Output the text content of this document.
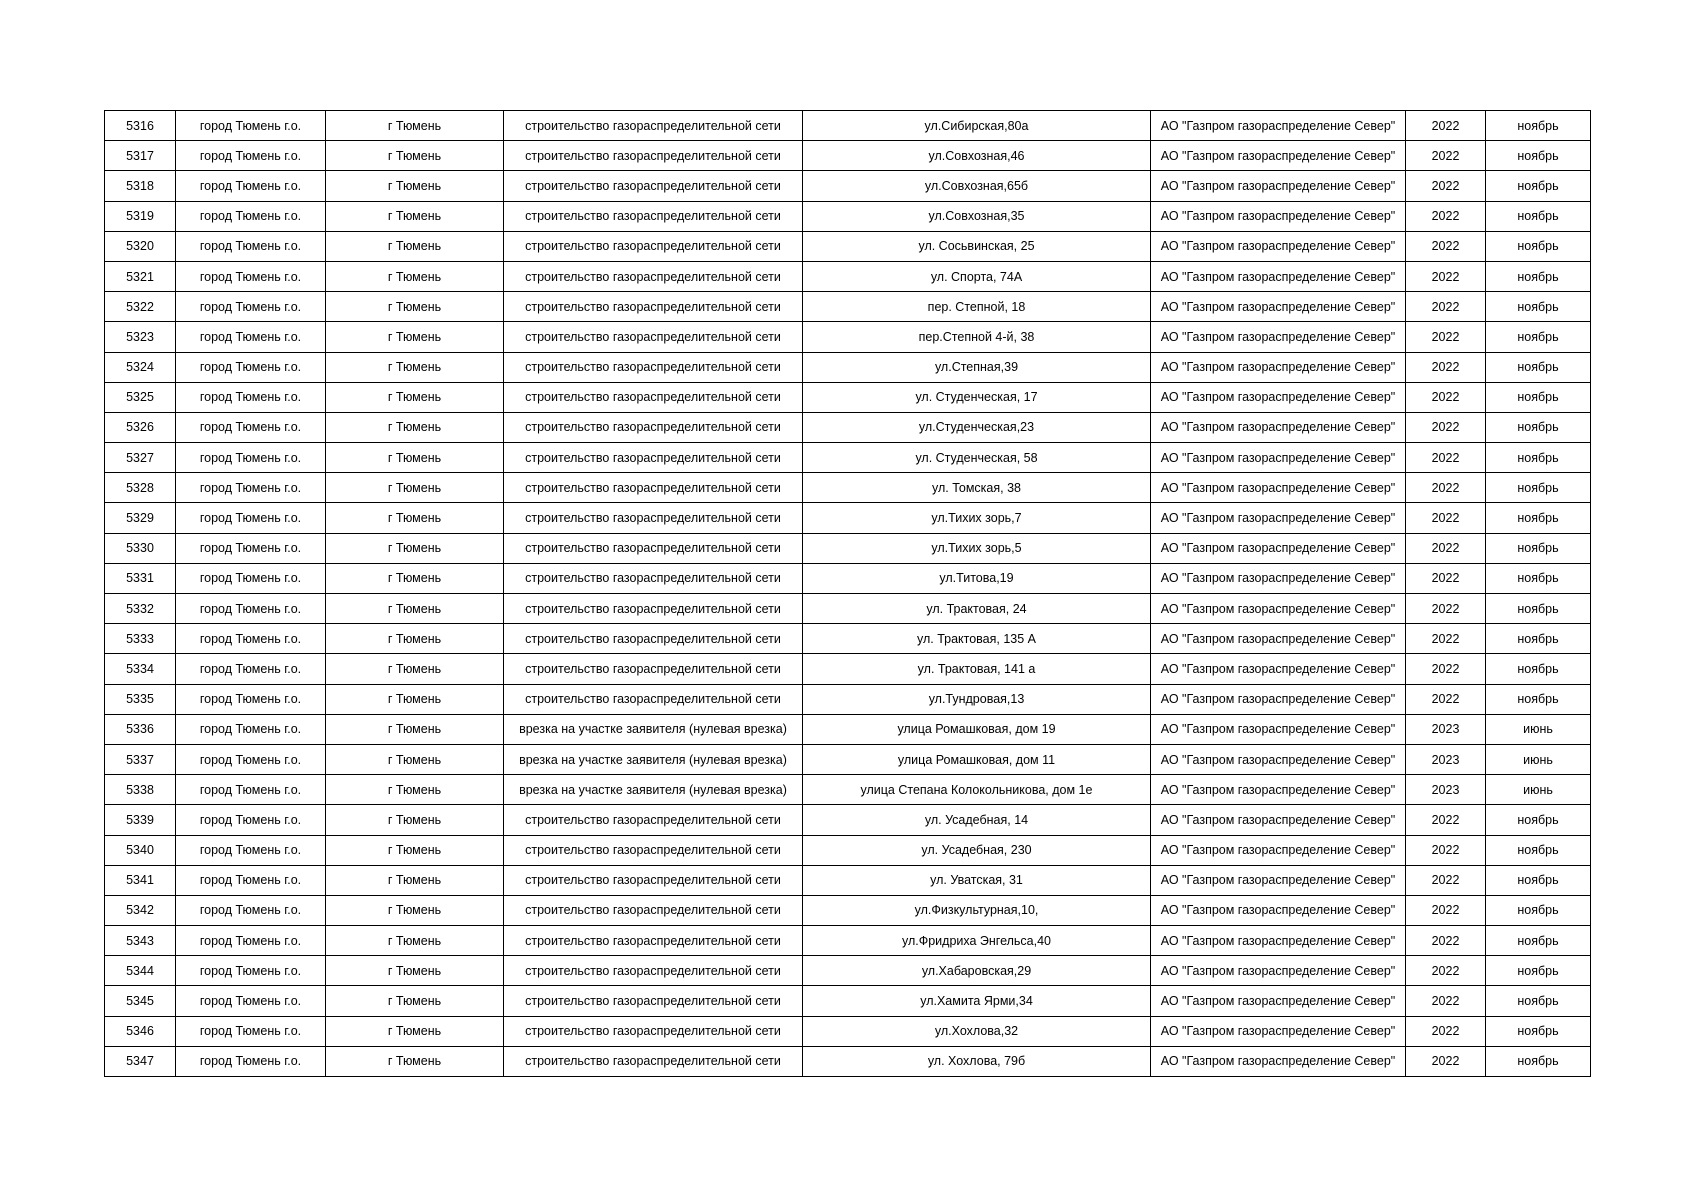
5316	город Тюмень г.о.	г Тюмень	строительство газораспределительной сети	ул.Сибирская,80а	АО "Газпром газораспределение Север"	2022	ноябрь
5317	город Тюмень г.о.	г Тюмень	строительство газораспределительной сети	ул.Совхозная,46	АО "Газпром газораспределение Север"	2022	ноябрь
5318	город Тюмень г.о.	г Тюмень	строительство газораспределительной сети	ул.Совхозная,65б	АО "Газпром газораспределение Север"	2022	ноябрь
5319	город Тюмень г.о.	г Тюмень	строительство газораспределительной сети	ул.Совхозная,35	АО "Газпром газораспределение Север"	2022	ноябрь
5320	город Тюмень г.о.	г Тюмень	строительство газораспределительной сети	ул. Сосьвинская, 25	АО "Газпром газораспределение Север"	2022	ноябрь
5321	город Тюмень г.о.	г Тюмень	строительство газораспределительной сети	ул. Спорта, 74А	АО "Газпром газораспределение Север"	2022	ноябрь
5322	город Тюмень г.о.	г Тюмень	строительство газораспределительной сети	пер. Степной, 18	АО "Газпром газораспределение Север"	2022	ноябрь
5323	город Тюмень г.о.	г Тюмень	строительство газораспределительной сети	пер.Степной 4-й, 38	АО "Газпром газораспределение Север"	2022	ноябрь
5324	город Тюмень г.о.	г Тюмень	строительство газораспределительной сети	ул.Степная,39	АО "Газпром газораспределение Север"	2022	ноябрь
5325	город Тюмень г.о.	г Тюмень	строительство газораспределительной сети	ул. Студенческая, 17	АО "Газпром газораспределение Север"	2022	ноябрь
5326	город Тюмень г.о.	г Тюмень	строительство газораспределительной сети	ул.Студенческая,23	АО "Газпром газораспределение Север"	2022	ноябрь
5327	город Тюмень г.о.	г Тюмень	строительство газораспределительной сети	ул. Студенческая, 58	АО "Газпром газораспределение Север"	2022	ноябрь
5328	город Тюмень г.о.	г Тюмень	строительство газораспределительной сети	ул. Томская, 38	АО "Газпром газораспределение Север"	2022	ноябрь
5329	город Тюмень г.о.	г Тюмень	строительство газораспределительной сети	ул.Тихих зорь,7	АО "Газпром газораспределение Север"	2022	ноябрь
5330	город Тюмень г.о.	г Тюмень	строительство газораспределительной сети	ул.Тихих зорь,5	АО "Газпром газораспределение Север"	2022	ноябрь
5331	город Тюмень г.о.	г Тюмень	строительство газораспределительной сети	ул.Титова,19	АО "Газпром газораспределение Север"	2022	ноябрь
5332	город Тюмень г.о.	г Тюмень	строительство газораспределительной сети	ул. Трактовая, 24	АО "Газпром газораспределение Север"	2022	ноябрь
5333	город Тюмень г.о.	г Тюмень	строительство газораспределительной сети	ул. Трактовая, 135 А	АО "Газпром газораспределение Север"	2022	ноябрь
5334	город Тюмень г.о.	г Тюмень	строительство газораспределительной сети	ул. Трактовая, 141 а	АО "Газпром газораспределение Север"	2022	ноябрь
5335	город Тюмень г.о.	г Тюмень	строительство газораспределительной сети	ул.Тундровая,13	АО "Газпром газораспределение Север"	2022	ноябрь
5336	город Тюмень г.о.	г Тюмень	врезка на участке заявителя (нулевая врезка)	улица Ромашковая, дом 19	АО "Газпром газораспределение Север"	2023	июнь
5337	город Тюмень г.о.	г Тюмень	врезка на участке заявителя (нулевая врезка)	улица Ромашковая, дом 11	АО "Газпром газораспределение Север"	2023	июнь
5338	город Тюмень г.о.	г Тюмень	врезка на участке заявителя (нулевая врезка)	улица Степана Колокольникова, дом 1е	АО "Газпром газораспределение Север"	2023	июнь
5339	город Тюмень г.о.	г Тюмень	строительство газораспределительной сети	ул. Усадебная, 14	АО "Газпром газораспределение Север"	2022	ноябрь
5340	город Тюмень г.о.	г Тюмень	строительство газораспределительной сети	ул. Усадебная, 230	АО "Газпром газораспределение Север"	2022	ноябрь
5341	город Тюмень г.о.	г Тюмень	строительство газораспределительной сети	ул. Уватская, 31	АО "Газпром газораспределение Север"	2022	ноябрь
5342	город Тюмень г.о.	г Тюмень	строительство газораспределительной сети	ул.Физкультурная,10,	АО "Газпром газораспределение Север"	2022	ноябрь
5343	город Тюмень г.о.	г Тюмень	строительство газораспределительной сети	ул.Фридриха Энгельса,40	АО "Газпром газораспределение Север"	2022	ноябрь
5344	город Тюмень г.о.	г Тюмень	строительство газораспределительной сети	ул.Хабаровская,29	АО "Газпром газораспределение Север"	2022	ноябрь
5345	город Тюмень г.о.	г Тюмень	строительство газораспределительной сети	ул.Хамита Ярми,34	АО "Газпром газораспределение Север"	2022	ноябрь
5346	город Тюмень г.о.	г Тюмень	строительство газораспределительной сети	ул.Хохлова,32	АО "Газпром газораспределение Север"	2022	ноябрь
5347	город Тюмень г.о.	г Тюмень	строительство газораспределительной сети	ул. Хохлова, 79б	АО "Газпром газораспределение Север"	2022	ноябрь
